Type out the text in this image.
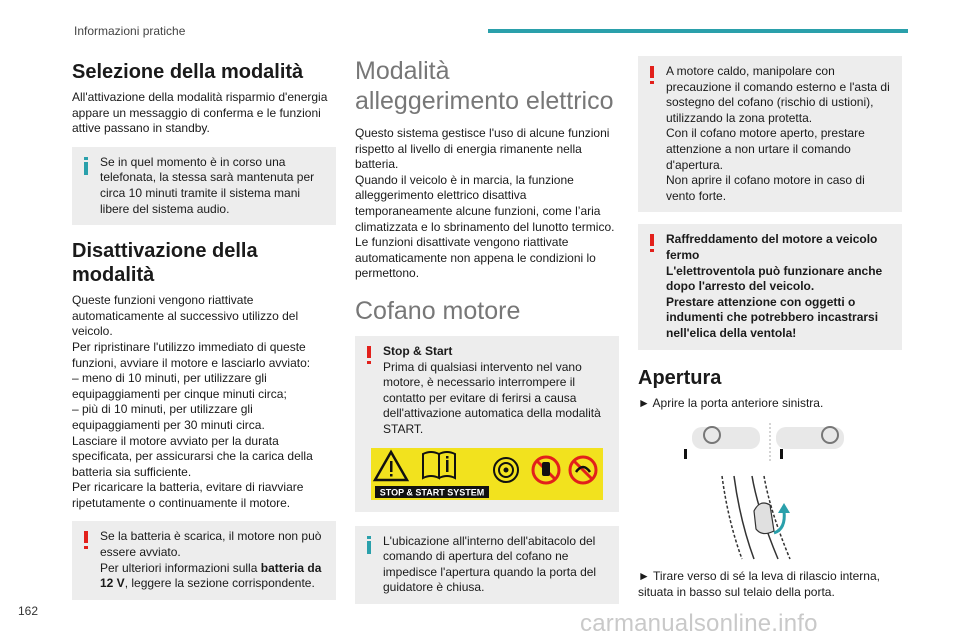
Informazioni pratiche
Selezione della modalità

All'attivazione della modalità risparmio d'energia appare un messaggio di conferma e le funzioni attive passano in standby.

Se in quel momento è in corso una telefonata, la stessa sarà mantenuta per circa 10 minuti tramite il sistema mani libere del sistema audio.
Disattivazione della modalità

Queste funzioni vengono riattivate automaticamente al successivo utilizzo del veicolo.
Per ripristinare l'utilizzo immediato di queste funzioni, avviare il motore e lasciarlo avviato:
– meno di 10 minuti, per utilizzare gli equipaggiamenti per cinque minuti circa;
– più di 10 minuti, per utilizzare gli equipaggiamenti per 30 minuti circa.
Lasciare il motore avviato per la durata specificata, per assicurarsi che la carica della batteria sia sufficiente.
Per ricaricare la batteria, evitare di riavviare ripetutamente o continuamente il motore.

Se la batteria è scarica, il motore non può essere avviato.
Per ulteriori informazioni sulla batteria da 12 V, leggere la sezione corrispondente.
Modalità alleggerimento elettrico

Questo sistema gestisce l'uso di alcune funzioni rispetto al livello di energia rimanente nella batteria.
Quando il veicolo è in marcia, la funzione alleggerimento elettrico disattiva temporaneamente alcune funzioni, come l’aria climatizzata e lo sbrinamento del lunotto termico.
Le funzioni disattivate vengono riattivate automaticamente non appena le condizioni lo permettono.

Cofano motore
Stop & Start
Prima di qualsiasi intervento nel vano motore, è necessario interrompere il contatto per evitare di ferirsi a causa dell'attivazione automatica della modalità START.
STOP & START SYSTEM
L'ubicazione all'interno dell'abitacolo del comando di apertura del cofano ne impedisce l'apertura quando la porta del guidatore è chiusa.
A motore caldo, manipolare con precauzione il comando esterno e l'asta di sostegno del cofano (rischio di ustioni), utilizzando la zona protetta.
Con il cofano motore aperto, prestare attenzione a non urtare il comando d'apertura.
Non aprire il cofano motore in caso di vento forte.
Raffreddamento del motore a veicolo fermo
L'elettroventola può funzionare anche dopo l'arresto del veicolo.
Prestare attenzione con oggetti o indumenti che potrebbero incastrarsi nell'elica della ventola!
Apertura

► Aprire la porta anteriore sinistra.

► Tirare verso di sé la leva di rilascio interna, situata in basso sul telaio della porta.

162	carmanualsonline.info
